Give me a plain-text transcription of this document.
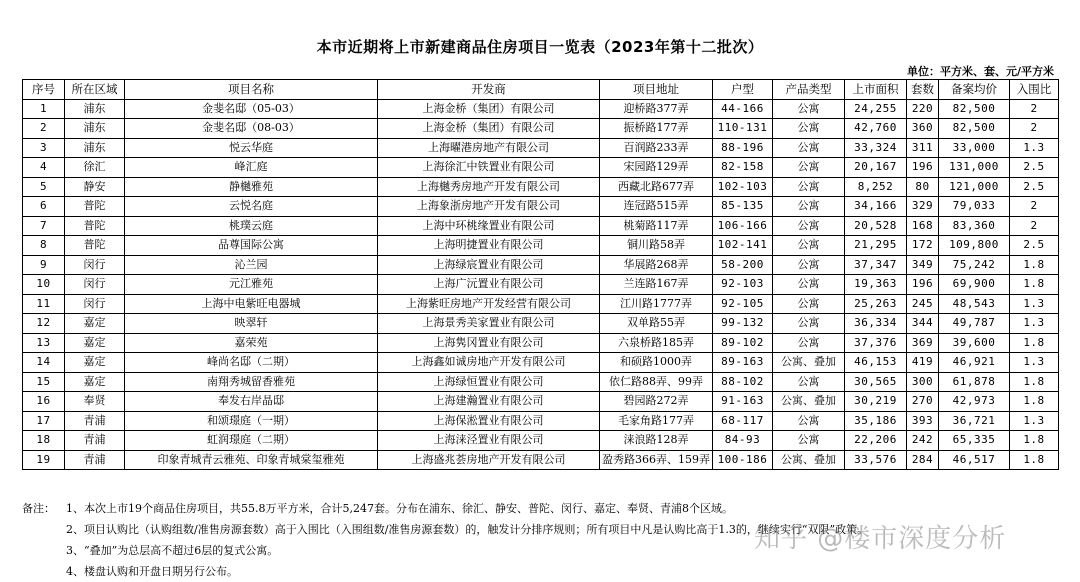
本市近期将上市新建商品住房项目一览表（2023年第十二批次）
单位：平方米、套、元/平方米
序号	所在区域	项目名称	开发商	项目地址	户型	产品类型	上市面积	套数	备案均价	入围比
1	浦东	金斐名邸（05-03）	上海金桥（集团）有限公司	迎桥路377弄	44-166	公寓	24,255	220	82,500	2
2	浦东	金斐名邸（08-03）	上海金桥（集团）有限公司	振桥路177弄	110-131	公寓	42,760	360	82,500	2
3	浦东	悦云华庭	上海曜港房地产有限公司	百润路233弄	88-196	公寓	33,324	311	33,000	1.3
4	徐汇	峰汇庭	上海徐汇中铁置业有限公司	宋园路129弄	82-158	公寓	20,167	196	131,000	2.5
5	静安	静樾雅苑	上海樾秀房地产开发有限公司	西藏北路677弄	102-103	公寓	8,252	80	121,000	2.5
6	普陀	云悦名庭	上海象浙房地产开发有限公司	连冠路515弄	85-135	公寓	34,166	329	79,033	2
7	普陀	桃璞云庭	上海中环桃缘置业有限公司	桃菊路117弄	106-166	公寓	20,528	168	83,360	2
8	普陀	品尊国际公寓	上海明捷置业有限公司	铜川路58弄	102-141	公寓	21,295	172	109,800	2.5
9	闵行	沁兰园	上海绿宸置业有限公司	华展路268弄	58-200	公寓	37,347	349	75,242	1.8
10	闵行	元江雅苑	上海广沅置业有限公司	兰连路167弄	92-103	公寓	19,363	196	69,900	1.8
11	闵行	上海中电紫旺电器城	上海紫旺房地产开发经营有限公司	江川路1777弄	92-105	公寓	25,263	245	48,543	1.3
12	嘉定	映翠轩	上海景秀美家置业有限公司	双单路55弄	99-132	公寓	36,334	344	49,787	1.3
13	嘉定	嘉荣苑	上海隽冈置业有限公司	六泉桥路185弄	89-102	公寓	37,376	369	39,600	1.8
14	嘉定	峰尚名邸（二期）	上海鑫如诚房地产开发有限公司	和硕路1000弄	89-163	公寓、叠加	46,153	419	46,921	1.3
15	嘉定	南翔秀城留香雅苑	上海绿恒置业有限公司	依仁路88弄、99弄	88-102	公寓	30,565	300	61,878	1.8
16	奉贤	奉发右岸晶邸	上海建瀚置业有限公司	碧园路272弄	91-163	公寓、叠加	30,219	270	42,973	1.8
17	青浦	和颂璟庭（一期）	上海保淞置业有限公司	毛家角路177弄	68-117	公寓	35,186	393	36,721	1.3
18	青浦	虹润璟庭（二期）	上海涞泾置业有限公司	涞浪路128弄	84-93	公寓	22,206	242	65,335	1.8
19	青浦	印象青城青云雅苑、印象青城棠玺雅苑	上海盛兆荟房地产开发有限公司	盈秀路366弄、159弄	100-186	公寓、叠加	33,576	284	46,517	1.8
备注：	1、本次上市19个商品住房项目，共55.8万平方米，合计5,247套。分布在浦东、徐汇、静安、普陀、闵行、嘉定、奉贤、青浦8个区域。
2、项目认购比（认购组数/准售房源套数）高于入围比（入围组数/准售房源套数）的，触发计分排序规则；所有项目中凡是认购比高于1.3的，继续实行“双限”政策。
3、“叠加”为总层高不超过6层的复式公寓。
4、楼盘认购和开盘日期另行公布。
知乎 @楼市深度分析
